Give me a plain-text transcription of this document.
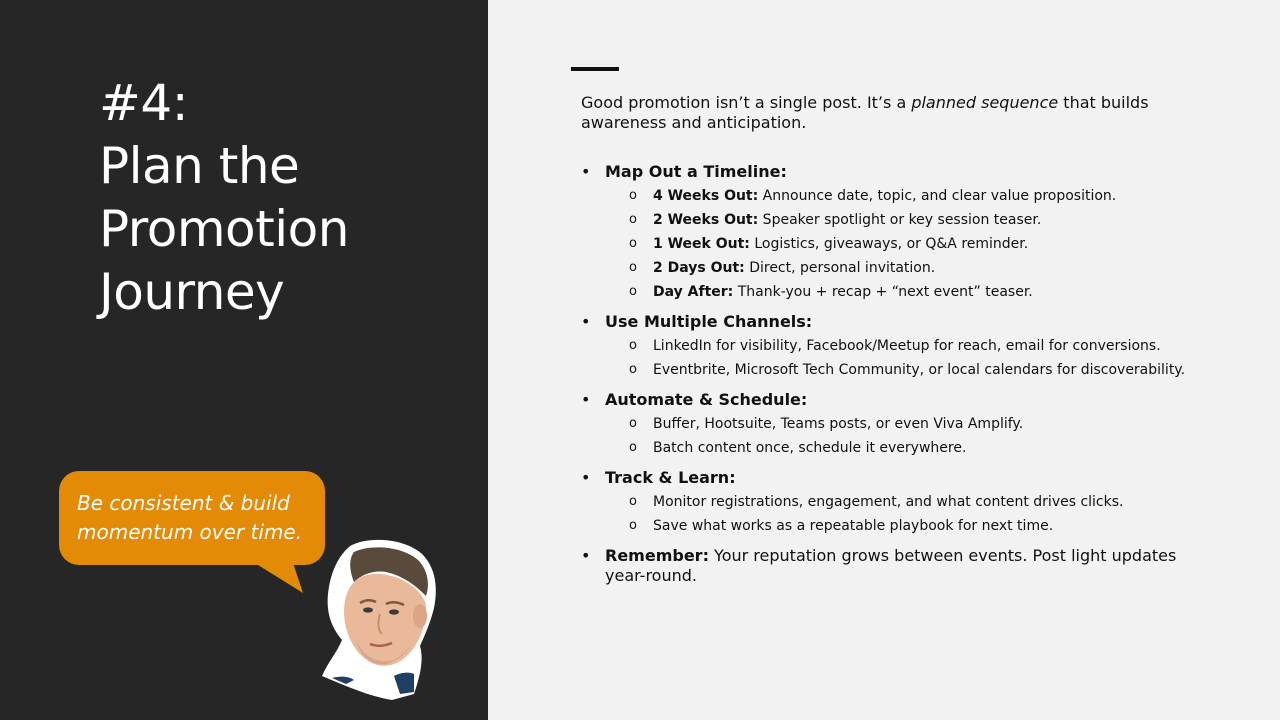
#4:
Plan the
Promotion
Journey
Be consistent & build
momentum over time.

Good promotion isn’t a single post. It’s a planned sequence that builds awareness and anticipation.

• Map Out a Timeline:
o 4 Weeks Out: Announce date, topic, and clear value proposition.
o 2 Weeks Out: Speaker spotlight or key session teaser.
o 1 Week Out: Logistics, giveaways, or Q&A reminder.
o 2 Days Out: Direct, personal invitation.
o Day After: Thank-you + recap + “next event” teaser.
• Use Multiple Channels:
o LinkedIn for visibility, Facebook/Meetup for reach, email for conversions.
o Eventbrite, Microsoft Tech Community, or local calendars for discoverability.
• Automate & Schedule:
o Buffer, Hootsuite, Teams posts, or even Viva Amplify.
o Batch content once, schedule it everywhere.
• Track & Learn:
o Monitor registrations, engagement, and what content drives clicks.
o Save what works as a repeatable playbook for next time.
• Remember: Your reputation grows between events. Post light updates year-round.
